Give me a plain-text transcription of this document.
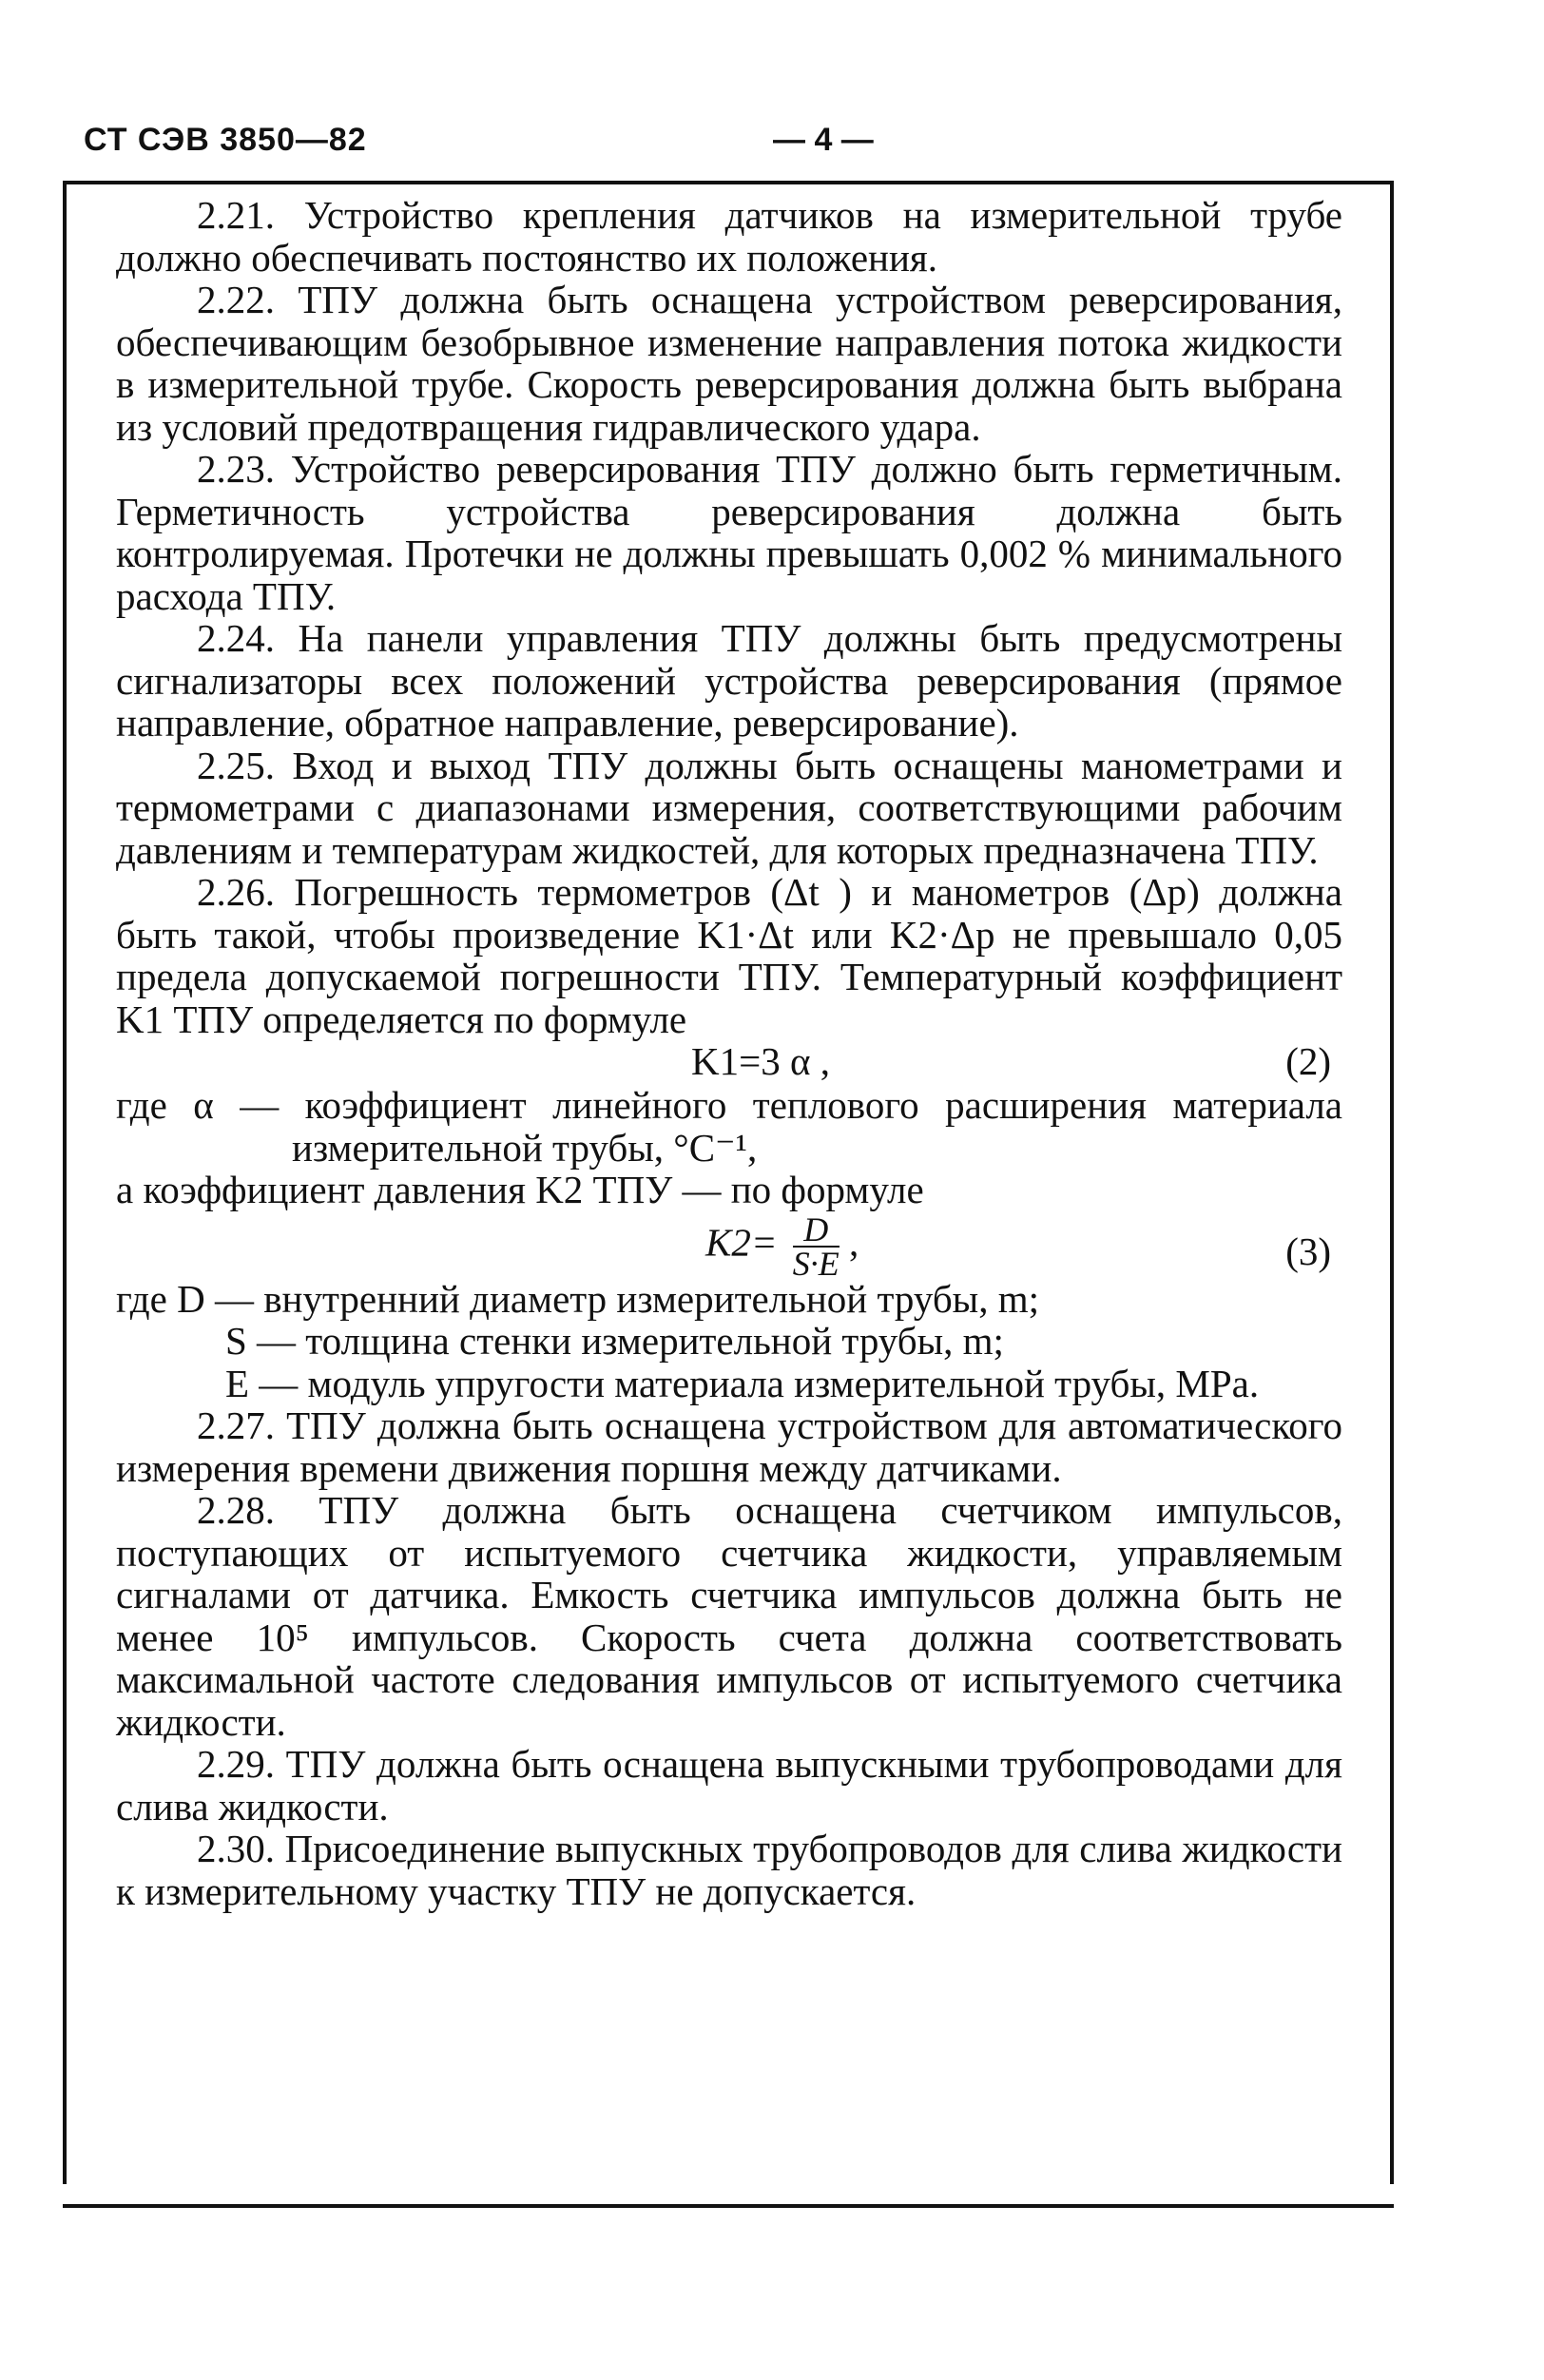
СТ СЭВ 3850—82	— 4 —

2.21. Устройство крепления датчиков на измерительной трубе должно обеспечивать постоянство их положения.

2.22. ТПУ должна быть оснащена устройством реверсирования, обеспечивающим безобрывное изменение направления потока жидкости в измерительной трубе. Скорость реверсирования должна быть выбрана из условий предотвращения гидравлического удара.

2.23. Устройство реверсирования ТПУ должно быть герметичным. Герметичность устройства реверсирования должна быть контролируемая. Протечки не должны превышать 0,002 % минимального расхода ТПУ.

2.24. На панели управления ТПУ должны быть предусмотрены сигнализаторы всех положений устройства реверсирования (прямое направление, обратное направление, реверсирование).

2.25. Вход и выход ТПУ должны быть оснащены манометрами и термометрами с диапазонами измерения, соответствующими рабочим давлениям и температурам жидкостей, для которых предназначена ТПУ.

2.26. Погрешность термометров (Δt ) и манометров (Δp) должна быть такой, чтобы произведение K1·Δt или K2·Δp не превышало 0,05 предела допускаемой погрешности ТПУ. Температурный коэффициент K1 ТПУ определяется по формуле

K1=3 α ,	(2)

где α — коэффициент линейного теплового расширения материала измерительной трубы, °C⁻¹,

а коэффициент давления K2 ТПУ — по формуле

$K2= \frac{D}{S\cdot E}$ ,	(3)

где D — внутренний диаметр измерительной трубы, m;

S — толщина стенки измерительной трубы, m;

E — модуль упругости материала измерительной трубы, MPa.

2.27. ТПУ должна быть оснащена устройством для автоматического измерения времени движения поршня между датчиками.

2.28. ТПУ должна быть оснащена счетчиком импульсов, поступающих от испытуемого счетчика жидкости, управляемым сигналами от датчика. Емкость счетчика импульсов должна быть не менее 10⁵ импульсов. Скорость счета должна соответствовать максимальной частоте следования импульсов от испытуемого счетчика жидкости.

2.29. ТПУ должна быть оснащена выпускными трубопроводами для слива жидкости.

2.30. Присоединение выпускных трубопроводов для слива жидкости к измерительному участку ТПУ не допускается.
